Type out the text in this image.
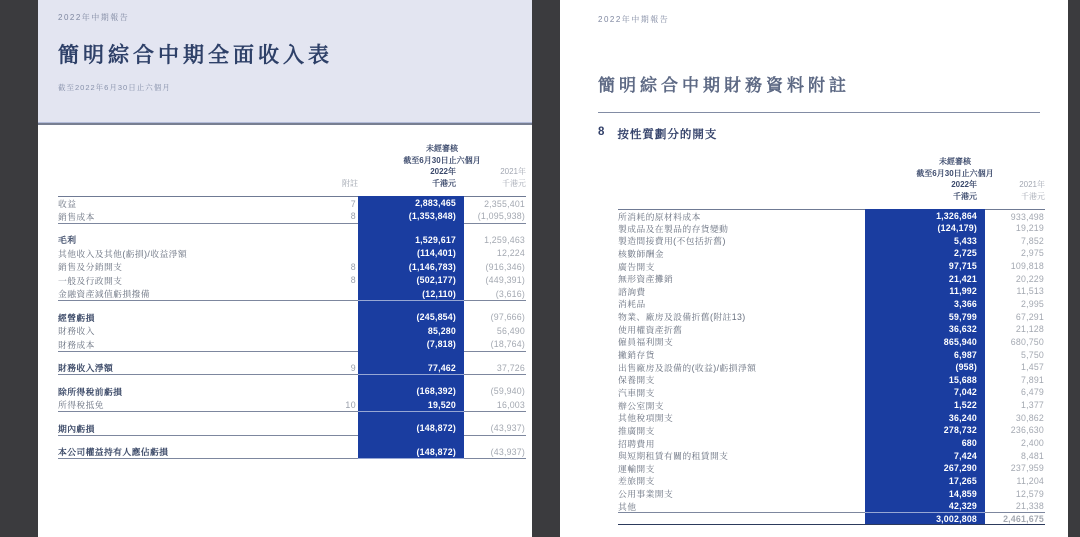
2022年中期報告
簡明綜合中期全面收入表
截至2022年6月30日止六個月
未經審核
截至6月30日止六個月
2022年	2021年
附註	千港元	千港元
收益	7	2,883,465	2,355,401
銷售成本	8	(1,353,848)	(1,095,938)
毛利	1,529,617	1,259,463
其他收入及其他(虧損)/收益淨額	(114,401)	12,224
銷售及分銷開支	8	(1,146,783)	(916,346)
一般及行政開支	8	(502,177)	(449,391)
金融資產減值虧損撥備	(12,110)	(3,616)
經營虧損	(245,854)	(97,666)
財務收入	85,280	56,490
財務成本	(7,818)	(18,764)
財務收入淨額	9	77,462	37,726
除所得稅前虧損	(168,392)	(59,940)
所得稅抵免	10	19,520	16,003
期內虧損	(148,872)	(43,937)
本公司權益持有人應佔虧損	(148,872)	(43,937)
2022年中期報告
簡明綜合中期財務資料附註
8 按性質劃分的開支
未經審核
截至6月30日止六個月
2022年	2021年
千港元	千港元
所消耗的原材料成本	1,326,864	933,498
製成品及在製品的存貨變動	(124,179)	19,219
製造間接費用(不包括折舊)	5,433	7,852
核數師酬金	2,725	2,975
廣告開支	97,715	109,818
無形資產攤銷	21,421	20,229
諮詢費	11,992	11,513
消耗品	3,366	2,995
物業、廠房及設備折舊(附註13)	59,799	67,291
使用權資產折舊	36,632	21,128
僱員福利開支	865,940	680,750
撇銷存貨	6,987	5,750
出售廠房及設備的(收益)/虧損淨額	(958)	1,457
保養開支	15,688	7,891
汽車開支	7,042	6,479
辦公室開支	1,522	1,377
其他稅項開支	36,240	30,862
推廣開支	278,732	236,630
招聘費用	680	2,400
與短期租賃有關的租賃開支	7,424	8,481
運輸開支	267,290	237,959
差旅開支	17,265	11,204
公用事業開支	14,859	12,579
其他	42,329	21,338
3,002,808	2,461,675
